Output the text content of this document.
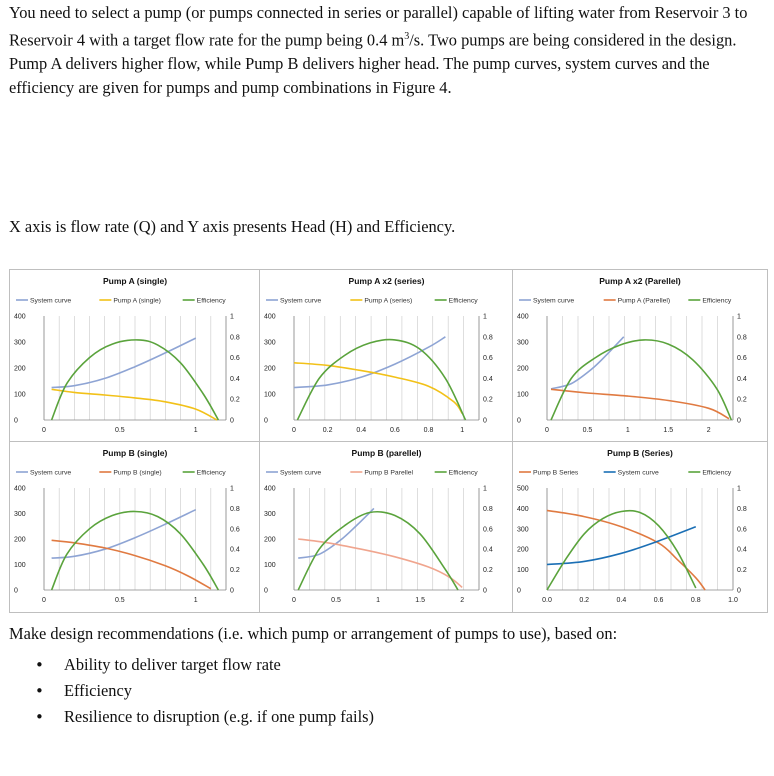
You need to select a pump (or pumps connected in series or parallel) capable of lifting water from Reservoir 3 to Reservoir 4 with a target flow rate for the pump being 0.4 $m^3/s$. Two pumps are being considered in the design. Pump A delivers higher flow, while Pump B delivers higher head. The pump curves, system curves and the efficiency are given for pumps and pump combinations in Figure 4.

X axis is flow rate (Q) and Y axis presents Head (H) and Efficiency.

Pump A (single)
System curve	Pump A (single)	Efficiency
0
100
200
300
400
0
0.2
0.4
0.6
0.8
1
0	0.5	1
Pump A x2 (series)
System curve	Pump A (series)	Efficiency
0
100
200
300
400
0
0.2
0.4
0.6
0.8
1
0	0.2	0.4	0.6	0.8	1
Pump A x2 (Parellel)
System curve	Pump A (Parellel)	Efficiency
0
100
200
300
400
0
0.2
0.4
0.6
0.8
1
0	0.5	1	1.5	2
Pump B (single)
System curve	Pump B (single)	Efficiency
0
100
200
300
400
0
0.2
0.4
0.6
0.8
1
0	0.5	1
Pump B (parellel)
System curve	Pump B Parellel	Efficiency
0
100
200
300
400
0
0.2
0.4
0.6
0.8
1
0	0.5	1	1.5	2
Pump B (Series)
Pump B Series	System curve	Efficiency
0
100
200
300
400
500
0
0.2
0.4
0.6
0.8
1
0.0	0.2	0.4	0.6	0.8	1.0

Make design recommendations (i.e. which pump or arrangement of pumps to use), based on:

• Ability to deliver target flow rate
• Efficiency
• Resilience to disruption (e.g. if one pump fails)
